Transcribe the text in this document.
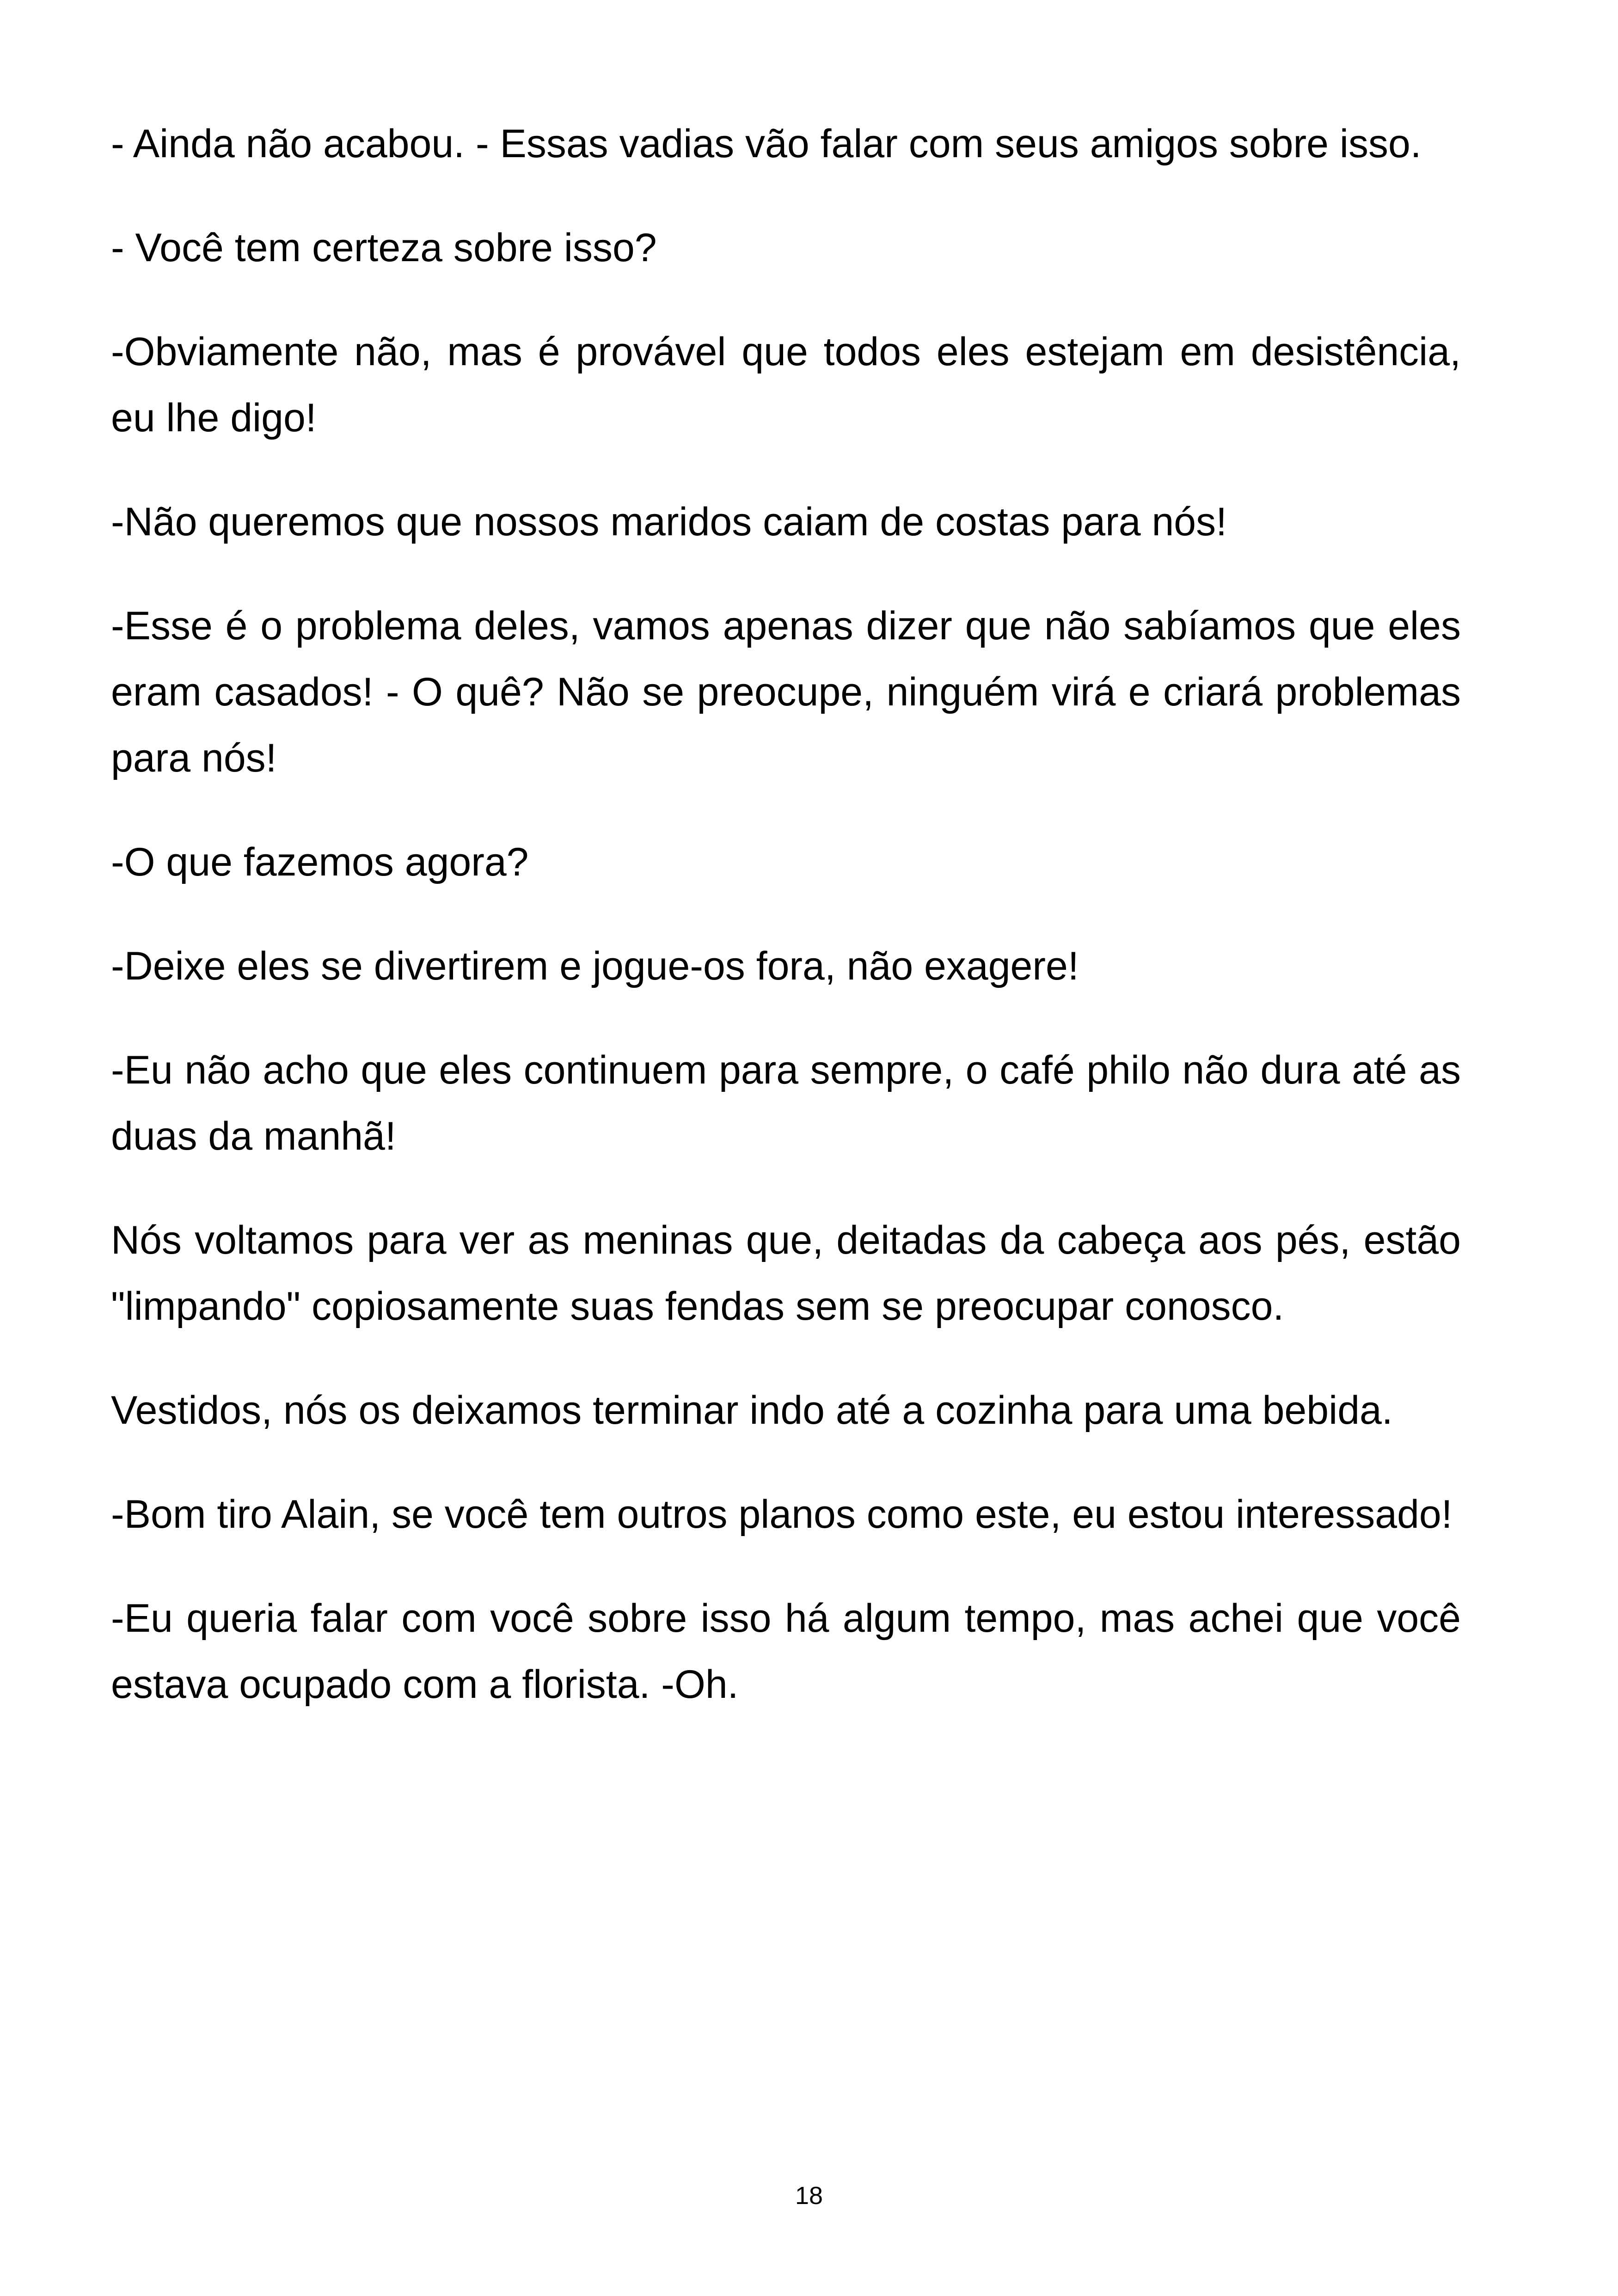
- Ainda não acabou. - Essas vadias vão falar com seus amigos sobre isso.

- Você tem certeza sobre isso?

-Obviamente não, mas é provável que todos eles estejam em desistência, eu lhe digo!

-Não queremos que nossos maridos caiam de costas para nós!

-Esse é o problema deles, vamos apenas dizer que não sabíamos que eles eram casados! - O quê? Não se preocupe, ninguém virá e criará problemas para nós!

-O que fazemos agora?

-Deixe eles se divertirem e jogue-os fora, não exagere!

-Eu não acho que eles continuem para sempre, o café philo não dura até as duas da manhã!

Nós voltamos para ver as meninas que, deitadas da cabeça aos pés, estão "limpando" copiosamente suas fendas sem se preocupar conosco.

Vestidos, nós os deixamos terminar indo até a cozinha para uma bebida.

-Bom tiro Alain, se você tem outros planos como este, eu estou interessado!

-Eu queria falar com você sobre isso há algum tempo, mas achei que você estava ocupado com a florista. -Oh.

18
